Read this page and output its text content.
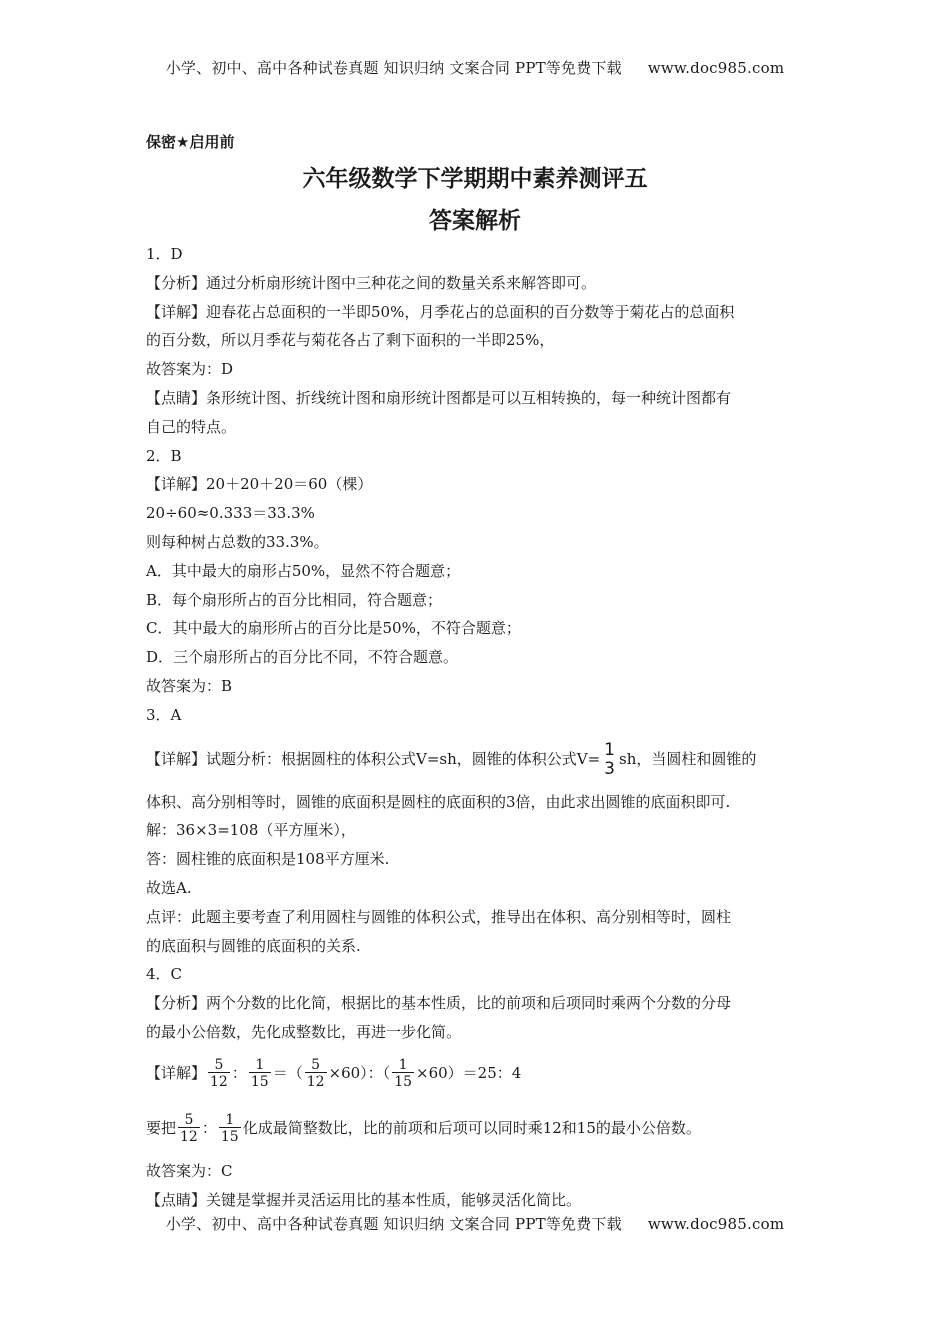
小学、初中、高中各种试卷真题 知识归纳 文案合同 PPT等免费下载 www.doc985.com
保密★启用前
六年级数学下学期期中素养测评五
答案解析
1．D
【分析】通过分析扇形统计图中三种花之间的数量关系来解答即可。
【详解】迎春花占总面积的一半即50%，月季花占的总面积的百分数等于菊花占的总面积
的百分数，所以月季花与菊花各占了剩下面积的一半即25%，
故答案为：D
【点睛】条形统计图、折线统计图和扇形统计图都是可以互相转换的，每一种统计图都有
自己的特点。
2．B
【详解】20＋20＋20＝60（棵）
20÷60≈0.333＝33.3%
则每种树占总数的33.3%。
A．其中最大的扇形占50%，显然不符合题意；
B．每个扇形所占的百分比相同，符合题意；
C．其中最大的扇形所占的百分比是50%，不符合题意；
D．三个扇形所占的百分比不同，不符合题意。
故答案为：B
3．A
【详解】试题分析：根据圆柱的体积公式V=sh，圆锥的体积公式V= 1
3 sh，当圆柱和圆锥的
体积、高分别相等时，圆锥的底面积是圆柱的底面积的3倍，由此求出圆锥的底面积即可.
解：36×3=108（平方厘米），
答：圆柱锥的底面积是108平方厘米.
故选A.
点评：此题主要考查了利用圆柱与圆锥的体积公式，推导出在体积、高分别相等时，圆柱
的底面积与圆锥的底面积的关系.
4．C
【分析】两个分数的比化简，根据比的基本性质，比的前项和后项同时乘两个分数的分母
的最小公倍数，先化成整数比，再进一步化简。
【详解】 $\frac{5}{12}$ ： $\frac{1}{15}$ ＝（ $\frac{5}{12} \times 60$）：（ $\frac{1}{15} \times 60)=25$：4
要把 $\frac{5}{12}$ ： $\frac{1}{15}$ 化成最简整数比，比的前项和后项可以同时乘12和15的最小公倍数。
故答案为：C
【点睛】关键是掌握并灵活运用比的基本性质，能够灵活化简比。
小学、初中、高中各种试卷真题 知识归纳 文案合同 PPT等免费下载 www.doc985.com
